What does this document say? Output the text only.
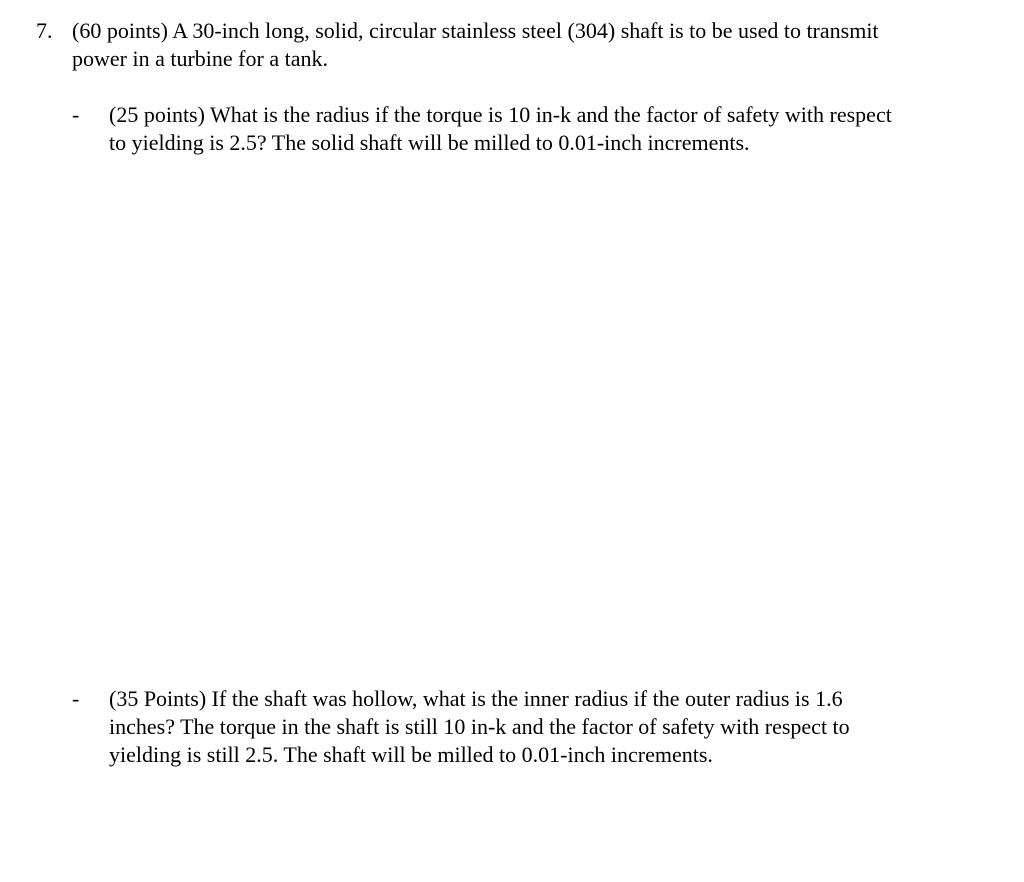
7. (60 points) A 30-inch long, solid, circular stainless steel (304) shaft is to be used to transmit power in a turbine for a tank.
-	(25 points) What is the radius if the torque is 10 in-k and the factor of safety with respect to yielding is 2.5? The solid shaft will be milled to 0.01-inch increments.
-	(35 Points) If the shaft was hollow, what is the inner radius if the outer radius is 1.6 inches? The torque in the shaft is still 10 in-k and the factor of safety with respect to yielding is still 2.5. The shaft will be milled to 0.01-inch increments.
